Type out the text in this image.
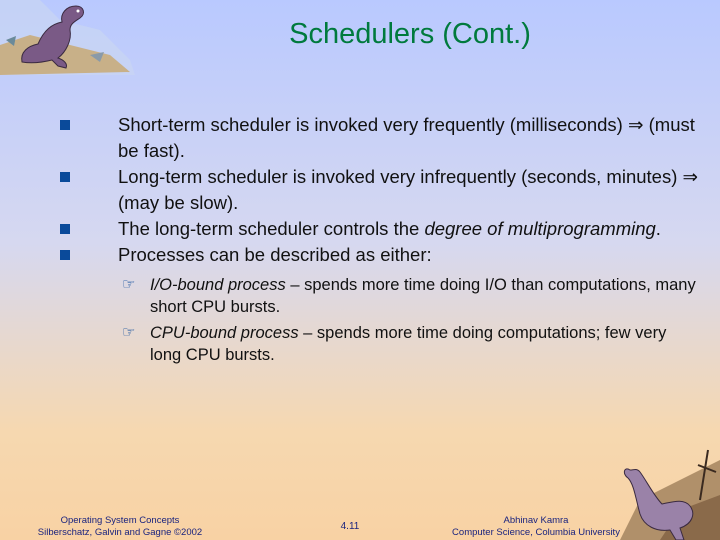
Schedulers (Cont.)
Short-term scheduler is invoked very frequently (milliseconds) ⇒ (must be fast).
Long-term scheduler is invoked very infrequently (seconds, minutes) ⇒ (may be slow).
The long-term scheduler controls the degree of multiprogramming.
Processes can be described as either:
☞ I/O-bound process – spends more time doing I/O than computations, many short CPU bursts.
☞ CPU-bound process – spends more time doing computations; few very long CPU bursts.
Operating System Concepts
Silberschatz, Galvin and Gagne ©2002
4.11
Abhinav Kamra
Computer Science, Columbia University
